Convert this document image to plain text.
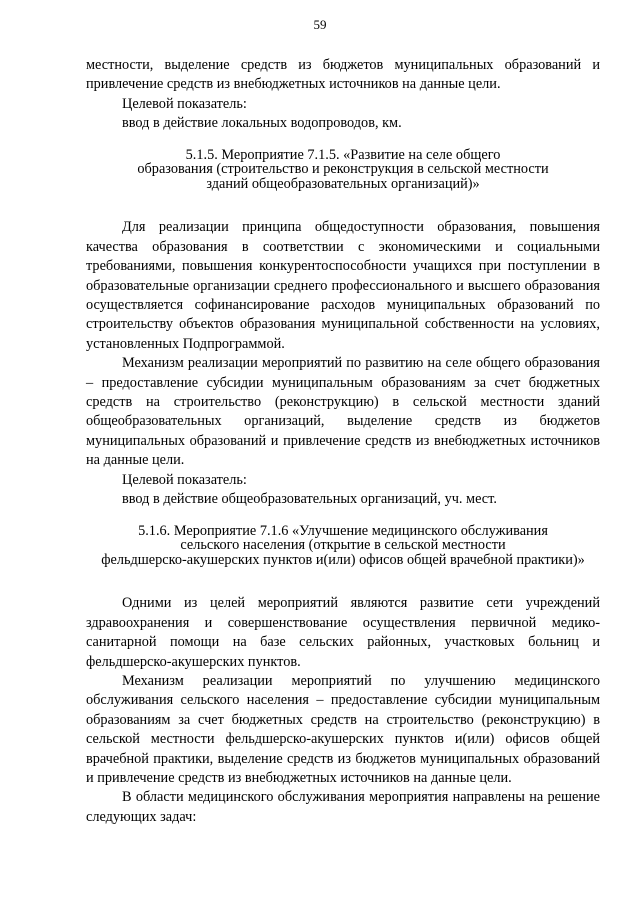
59

местности, выделение средств из бюджетов муниципальных образований и привлечение средств из внебюджетных источников на данные цели.

Целевой показатель:

ввод в действие локальных водопроводов, км.

5.1.5. Мероприятие 7.1.5. «Развитие на селе общего
образования (строительство и реконструкция в сельской местности
зданий общеобразовательных организаций)»

Для реализации принципа общедоступности образования, повышения качества образования в соответствии с экономическими и социальными требованиями, повышения конкурентоспособности учащихся при поступлении в образовательные организации среднего профессионального и высшего образования осуществляется софинансирование расходов муниципальных образований по строительству объектов образования муниципальной собственности на условиях, установленных Подпрограммой.

Механизм реализации мероприятий по развитию на селе общего образования – предоставление субсидии муниципальным образованиям за счет бюджетных средств на строительство (реконструкцию) в сельской местности зданий общеобразовательных организаций, выделение средств из бюджетов муниципальных образований и привлечение средств из внебюджетных источников на данные цели.

Целевой показатель:

ввод в действие общеобразовательных организаций, уч. мест.

5.1.6. Мероприятие 7.1.6 «Улучшение медицинского обслуживания
сельского населения (открытие в сельской местности
фельдшерско-акушерских пунктов и(или) офисов общей врачебной практики)»

Одними из целей мероприятий являются развитие сети учреждений здравоохранения и совершенствование осуществления первичной медико-санитарной помощи на базе сельских районных, участковых больниц и фельдшерско-акушерских пунктов.

Механизм реализации мероприятий по улучшению медицинского обслуживания сельского населения – предоставление субсидии муниципальным образованиям за счет бюджетных средств на строительство (реконструкцию) в сельской местности фельдшерско-акушерских пунктов и(или) офисов общей врачебной практики, выделение средств из бюджетов муниципальных образований и привлечение средств из внебюджетных источников на данные цели.

В области медицинского обслуживания мероприятия направлены на решение следующих задач:
